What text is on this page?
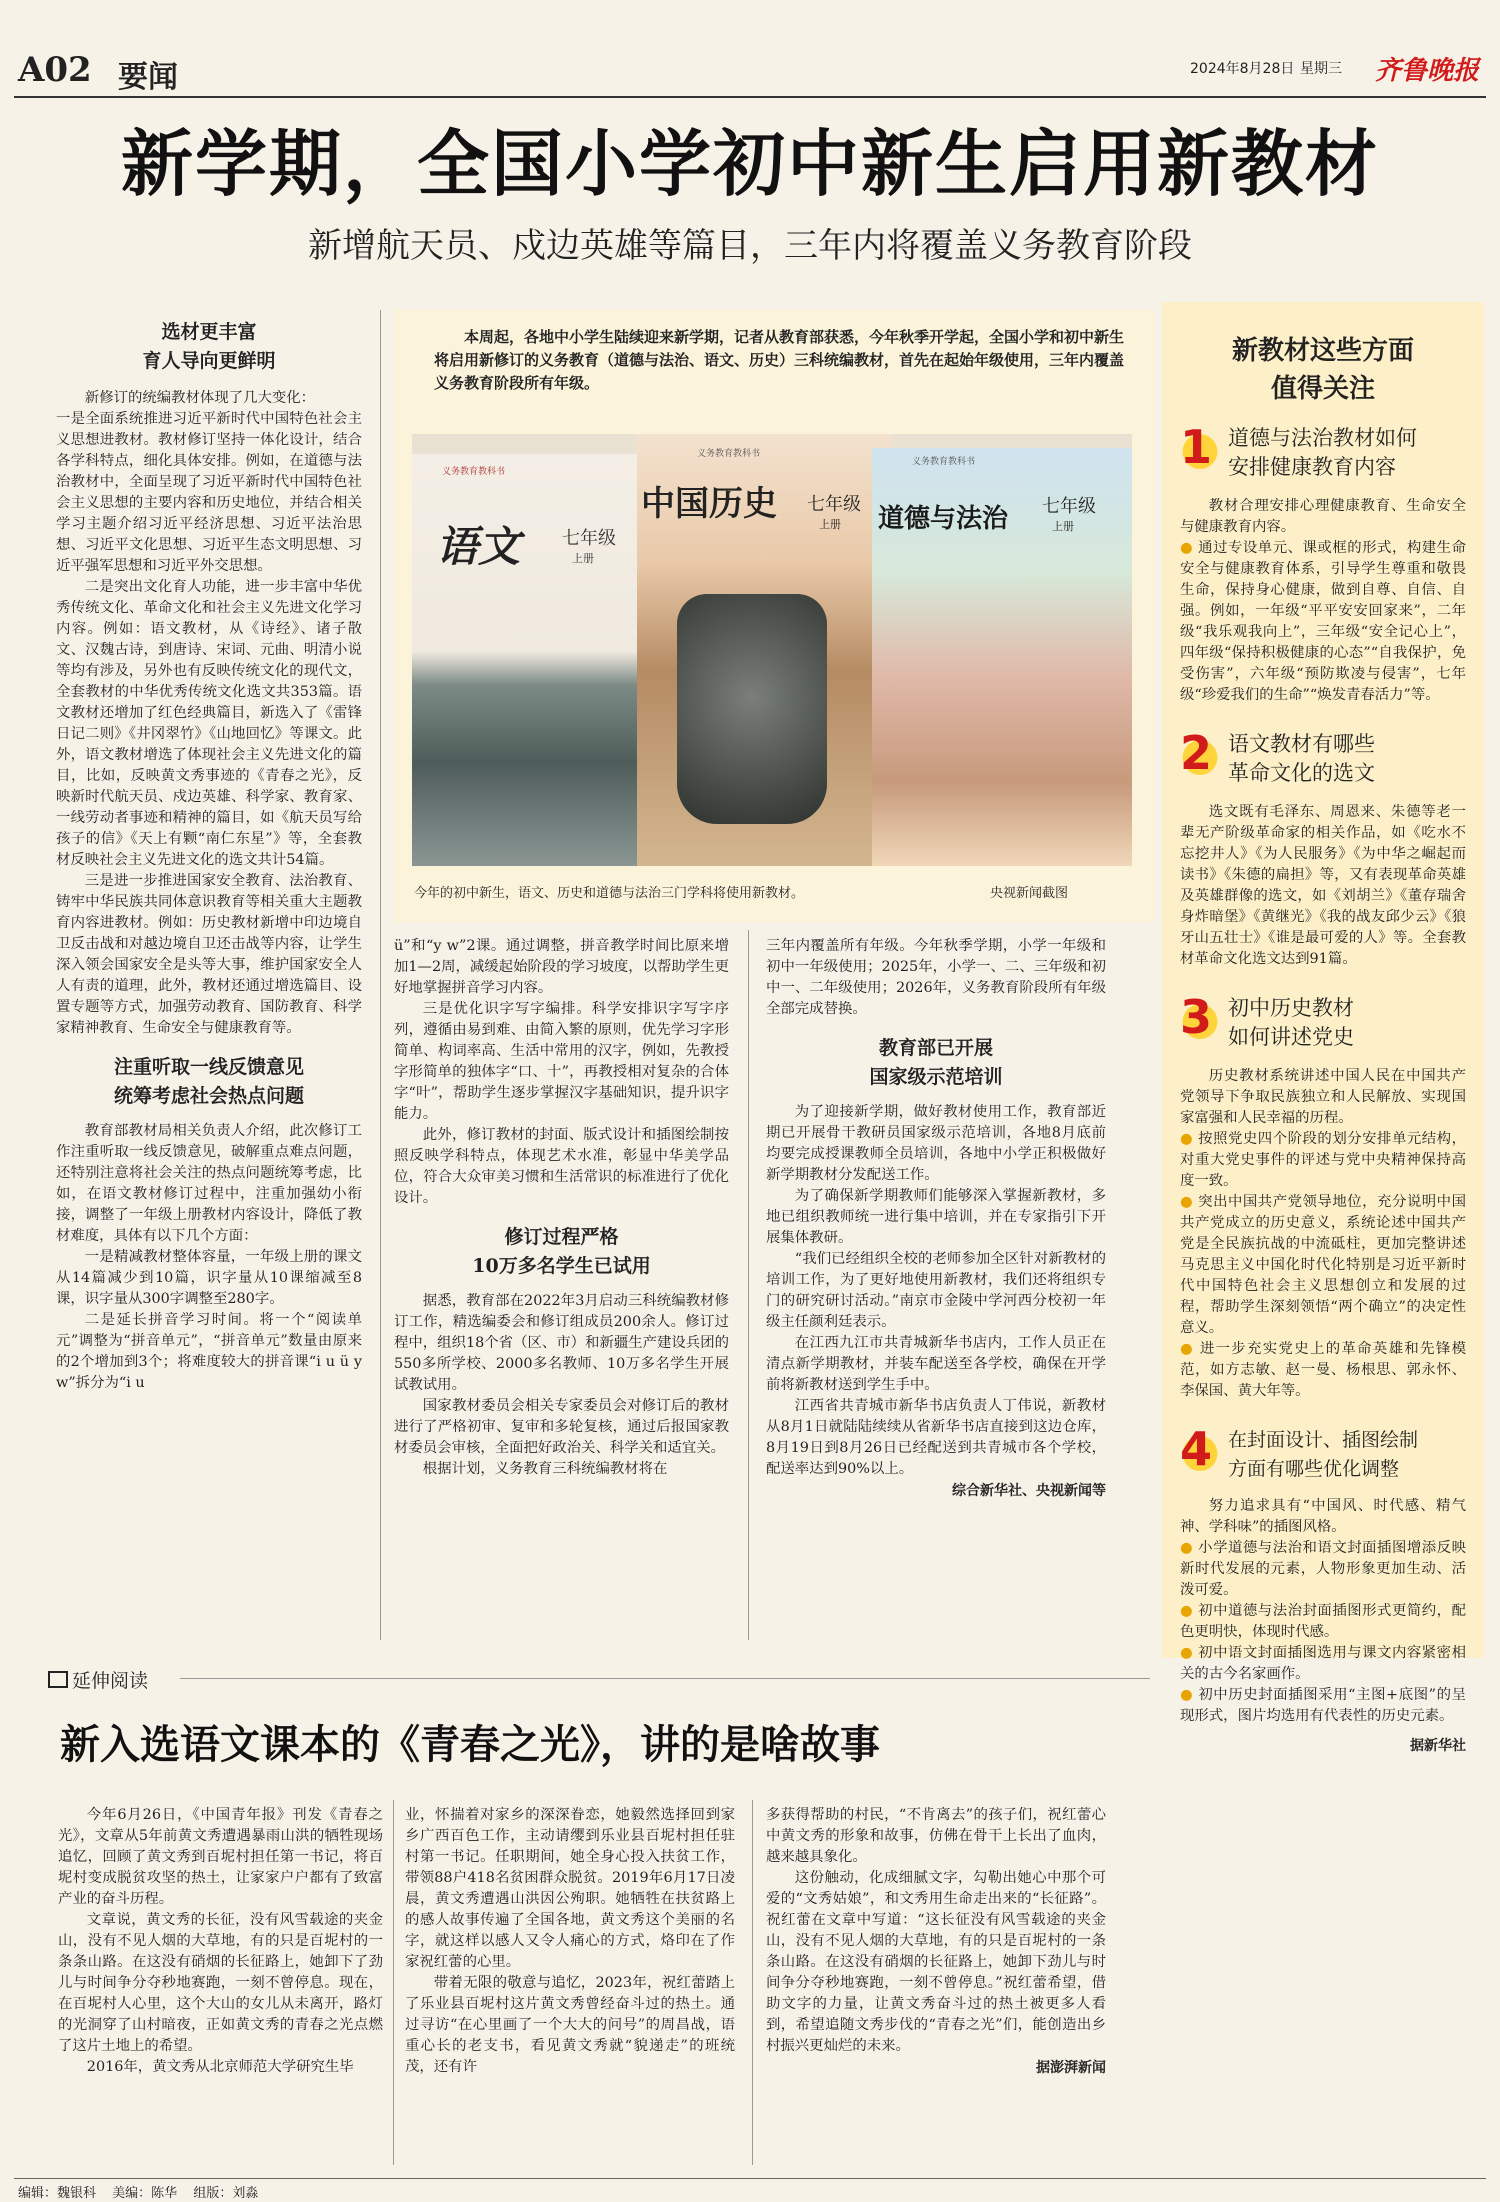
A02 要闻	2024年8月28日 星期三 齐鲁晚报
新学期，全国小学初中新生启用新教材
新增航天员、戍边英雄等篇目，三年内将覆盖义务教育阶段
选材更丰富
育人导向更鲜明

新修订的统编教材体现了几大变化：
一是全面系统推进习近平新时代中国特色社会主义思想进教材。教材修订坚持一体化设计，结合各学科特点，细化具体安排。例如，在道德与法治教材中，全面呈现了习近平新时代中国特色社会主义思想的主要内容和历史地位，并结合相关学习主题介绍习近平经济思想、习近平法治思想、习近平文化思想、习近平生态文明思想、习近平强军思想和习近平外交思想。

二是突出文化育人功能，进一步丰富中华优秀传统文化、革命文化和社会主义先进文化学习内容。例如：语文教材，从《诗经》、诸子散文、汉魏古诗，到唐诗、宋词、元曲、明清小说等均有涉及，另外也有反映传统文化的现代文，全套教材的中华优秀传统文化选文共353篇。语文教材还增加了红色经典篇目，新选入了《雷锋日记二则》《井冈翠竹》《山地回忆》等课文。此外，语文教材增选了体现社会主义先进文化的篇目，比如，反映黄文秀事迹的《青春之光》，反映新时代航天员、戍边英雄、科学家、教育家、一线劳动者事迹和精神的篇目，如《航天员写给孩子的信》《天上有颗“南仁东星”》等，全套教材反映社会主义先进文化的选文共计54篇。

三是进一步推进国家安全教育、法治教育、铸牢中华民族共同体意识教育等相关重大主题教育内容进教材。例如：历史教材新增中印边境自卫反击战和对越边境自卫还击战等内容，让学生深入领会国家安全是头等大事，维护国家安全人人有责的道理，此外，教材还通过增选篇目、设置专题等方式，加强劳动教育、国防教育、科学家精神教育、生命安全与健康教育等。

注重听取一线反馈意见
统筹考虑社会热点问题

教育部教材局相关负责人介绍，此次修订工作注重听取一线反馈意见，破解重点难点问题，还特别注意将社会关注的热点问题统筹考虑，比如，在语文教材修订过程中，注重加强幼小衔接，调整了一年级上册教材内容设计，降低了教材难度，具体有以下几个方面：

一是精减教材整体容量，一年级上册的课文从14篇减少到10篇，识字量从10课缩减至8课，识字量从300字调整至280字。

二是延长拼音学习时间。将一个“阅读单元”调整为“拼音单元”，“拼音单元”数量由原来的2个增加到3个；将难度较大的拼音课“i u ü y w”拆分为“i u

本周起，各地中小学生陆续迎来新学期，记者从教育部获悉，今年秋季开学起，全国小学和初中新生将启用新修订的义务教育（道德与法治、语文、历史）三科统编教材，首先在起始年级使用，三年内覆盖义务教育阶段所有年级。

义务教育教科书
语文 七年级
上册
义务教育教科书
中国历史 七年级
上册
义务教育教科书
道德与法治 七年级
上册
今年的初中新生，语文、历史和道德与法治三门学科将使用新教材。	央视新闻截图

ü”和“y w”2课。通过调整，拼音教学时间比原来增加1—2周，减缓起始阶段的学习坡度，以帮助学生更好地掌握拼音学习内容。

三是优化识字写字编排。科学安排识字写字序列，遵循由易到难、由简入繁的原则，优先学习字形简单、构词率高、生活中常用的汉字，例如，先教授字形简单的独体字“口、十”，再教授相对复杂的合体字“叶”，帮助学生逐步掌握汉字基础知识，提升识字能力。

此外，修订教材的封面、版式设计和插图绘制按照反映学科特点，体现艺术水准，彰显中华美学品位，符合大众审美习惯和生活常识的标准进行了优化设计。

修订过程严格
10万多名学生已试用

据悉，教育部在2022年3月启动三科统编教材修订工作，精选编委会和修订组成员200余人。修订过程中，组织18个省（区、市）和新疆生产建设兵团的550多所学校、2000多名教师、10万多名学生开展试教试用。

国家教材委员会相关专家委员会对修订后的教材进行了严格初审、复审和多轮复核，通过后报国家教材委员会审核，全面把好政治关、科学关和适宜关。

根据计划，义务教育三科统编教材将在

三年内覆盖所有年级。今年秋季学期，小学一年级和初中一年级使用；2025年，小学一、二、三年级和初中一、二年级使用；2026年，义务教育阶段所有年级全部完成替换。

教育部已开展
国家级示范培训

为了迎接新学期，做好教材使用工作，教育部近期已开展骨干教研员国家级示范培训，各地8月底前均要完成授课教师全员培训，各地中小学正积极做好新学期教材分发配送工作。

为了确保新学期教师们能够深入掌握新教材，多地已组织教师统一进行集中培训，并在专家指引下开展集体教研。

“我们已经组织全校的老师参加全区针对新教材的培训工作，为了更好地使用新教材，我们还将组织专门的研究研讨活动。”南京市金陵中学河西分校初一年级主任颜利廷表示。

在江西九江市共青城新华书店内，工作人员正在清点新学期教材，并装车配送至各学校，确保在开学前将新教材送到学生手中。

江西省共青城市新华书店负责人丁伟说，新教材从8月1日就陆陆续续从省新华书店直接到这边仓库，8月19日到8月26日已经配送到共青城市各个学校，配送率达到90%以上。

综合新华社、央视新闻等
新教材这些方面
值得关注
1 道德与法治教材如何
安排健康教育内容

教材合理安排心理健康教育、生命安全与健康教育内容。

● 通过专设单元、课或框的形式，构建生命安全与健康教育体系，引导学生尊重和敬畏生命，保持身心健康，做到自尊、自信、自强。例如，一年级“平平安安回家来”，二年级“我乐观我向上”，三年级“安全记心上”，四年级“保持积极健康的心态”“自我保护，免受伤害”，六年级“预防欺凌与侵害”，七年级“珍爱我们的生命”“焕发青春活力”等。

2 语文教材有哪些
革命文化的选文

选文既有毛泽东、周恩来、朱德等老一辈无产阶级革命家的相关作品，如《吃水不忘挖井人》《为人民服务》《为中华之崛起而读书》《朱德的扁担》等，又有表现革命英雄及英雄群像的选文，如《刘胡兰》《董存瑞舍身炸暗堡》《黄继光》《我的战友邱少云》《狼牙山五壮士》《谁是最可爱的人》等。全套教材革命文化选文达到91篇。

3 初中历史教材
如何讲述党史

历史教材系统讲述中国人民在中国共产党领导下争取民族独立和人民解放、实现国家富强和人民幸福的历程。

● 按照党史四个阶段的划分安排单元结构，对重大党史事件的评述与党中央精神保持高度一致。

● 突出中国共产党领导地位，充分说明中国共产党成立的历史意义，系统论述中国共产党是全民族抗战的中流砥柱，更加完整讲述马克思主义中国化时代化特别是习近平新时代中国特色社会主义思想创立和发展的过程，帮助学生深刻领悟“两个确立”的决定性意义。

● 进一步充实党史上的革命英雄和先锋模范，如方志敏、赵一曼、杨根思、郭永怀、李保国、黄大年等。

4 在封面设计、插图绘制
方面有哪些优化调整

努力追求具有“中国风、时代感、精气神、学科味”的插图风格。

● 小学道德与法治和语文封面插图增添反映新时代发展的元素，人物形象更加生动、活泼可爱。

● 初中道德与法治封面插图形式更简约，配色更明快，体现时代感。

● 初中语文封面插图选用与课文内容紧密相关的古今名家画作。

● 初中历史封面插图采用“主图+底图”的呈现形式，图片均选用有代表性的历史元素。

据新华社
延伸阅读
新入选语文课本的《青春之光》，讲的是啥故事

今年6月26日，《中国青年报》刊发《青春之光》，文章从5年前黄文秀遭遇暴雨山洪的牺牲现场追忆，回顾了黄文秀到百坭村担任第一书记，将百坭村变成脱贫攻坚的热土，让家家户户都有了致富产业的奋斗历程。

文章说，黄文秀的长征，没有风雪载途的夹金山，没有不见人烟的大草地，有的只是百坭村的一条条山路。在这没有硝烟的长征路上，她卸下了劲儿与时间争分夺秒地赛跑，一刻不曾停息。现在，在百坭村人心里，这个大山的女儿从未离开，路灯的光洞穿了山村暗夜，正如黄文秀的青春之光点燃了这片土地上的希望。

2016年，黄文秀从北京师范大学研究生毕

业，怀揣着对家乡的深深眷恋，她毅然选择回到家乡广西百色工作，主动请缨到乐业县百坭村担任驻村第一书记。任职期间，她全身心投入扶贫工作，带领88户418名贫困群众脱贫。2019年6月17日凌晨，黄文秀遭遇山洪因公殉职。她牺牲在扶贫路上的感人故事传遍了全国各地，黄文秀这个美丽的名字，就这样以感人又令人痛心的方式，烙印在了作家祝红蕾的心里。

带着无限的敬意与追忆，2023年，祝红蕾踏上了乐业县百坭村这片黄文秀曾经奋斗过的热土。通过寻访“在心里画了一个大大的问号”的周昌战，语重心长的老支书，看见黄文秀就“貌递走”的班统茂，还有许

多获得帮助的村民，“不肯离去”的孩子们，祝红蕾心中黄文秀的形象和故事，仿佛在骨干上长出了血肉，越来越具象化。

这份触动，化成细腻文字，勾勒出她心中那个可爱的“文秀姑娘”，和文秀用生命走出来的“长征路”。祝红蕾在文章中写道：“这长征没有风雪载途的夹金山，没有不见人烟的大草地，有的只是百坭村的一条条山路。在这没有硝烟的长征路上，她卸下劲儿与时间争分夺秒地赛跑，一刻不曾停息。”祝红蕾希望，借助文字的力量，让黄文秀奋斗过的热土被更多人看到，希望追随文秀步伐的“青春之光”们，能创造出乡村振兴更灿烂的未来。

据澎湃新闻
编辑：魏银科 美编：陈华 组版：刘淼
